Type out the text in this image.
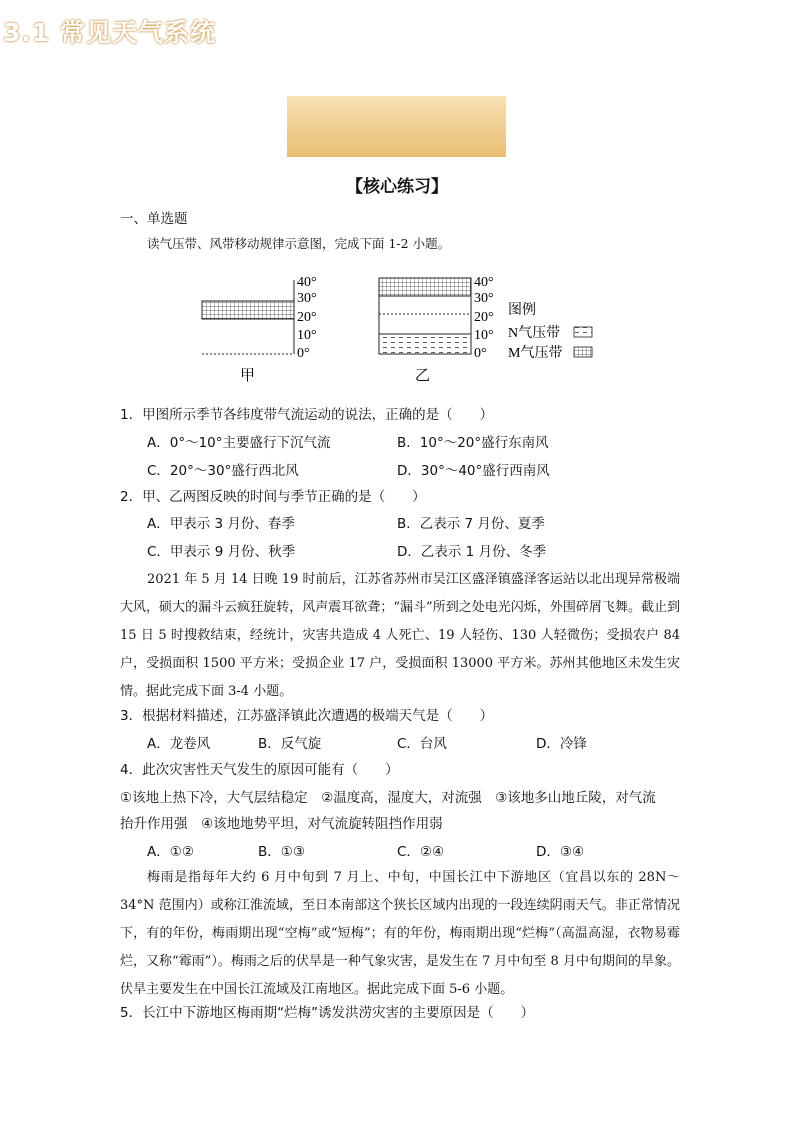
3.1 常见天气系统
【核心练习】
一、单选题
读气压带、风带移动规律示意图，完成下面 1-2 小题。
40°
30°
20°
10°
0°
甲
40°
30°
20°
10°
0°
乙
图例
N气压带
M气压带
1．甲图所示季节各纬度带气流运动的说法，正确的是（　　）
A．0°～10°主要盛行下沉气流	B．10°～20°盛行东南风
C．20°～30°盛行西北风	D．30°～40°盛行西南风
2．甲、乙两图反映的时间与季节正确的是（　　）
A．甲表示 3 月份、春季	B．乙表示 7 月份、夏季
C．甲表示 9 月份、秋季	D．乙表示 1 月份、冬季
2021 年 5 月 14 日晚 19 时前后，江苏省苏州市吴江区盛泽镇盛泽客运站以北出现异常极端大风，硕大的漏斗云疯狂旋转，风声震耳欲聋；“漏斗”所到之处电光闪烁，外围碎屑飞舞。截止到 15 日 5 时搜救结束，经统计，灾害共造成 4 人死亡、19 人轻伤、130 人轻微伤；受损农户 84 户，受损面积 1500 平方米；受损企业 17 户，受损面积 13000 平方米。苏州其他地区未发生灾情。据此完成下面 3-4 小题。
3．根据材料描述，江苏盛泽镇此次遭遇的极端天气是（　　）
A．龙卷风	B．反气旋	C．台风	D．冷锋
4．此次灾害性天气发生的原因可能有（　　）
①该地上热下冷，大气层结稳定　②温度高，湿度大，对流强　③该地多山地丘陵，对气流
抬升作用强　④该地地势平坦，对气流旋转阻挡作用弱
A．①②	B．①③	C．②④	D．③④
梅雨是指每年大约 6 月中旬到 7 月上、中旬，中国长江中下游地区（宜昌以东的 28N～34°N 范围内）或称江淮流域，至日本南部这个狭长区域内出现的一段连续阴雨天气。非正常情况下，有的年份，梅雨期出现“空梅”或“短梅”；有的年份，梅雨期出现“烂梅”（高温高湿，衣物易霉烂，又称“霉雨”）。梅雨之后的伏旱是一种气象灾害，是发生在 7 月中旬至 8 月中旬期间的旱象。伏旱主要发生在中国长江流域及江南地区。据此完成下面 5-6 小题。
5．长江中下游地区梅雨期“烂梅”诱发洪涝灾害的主要原因是（　　）
